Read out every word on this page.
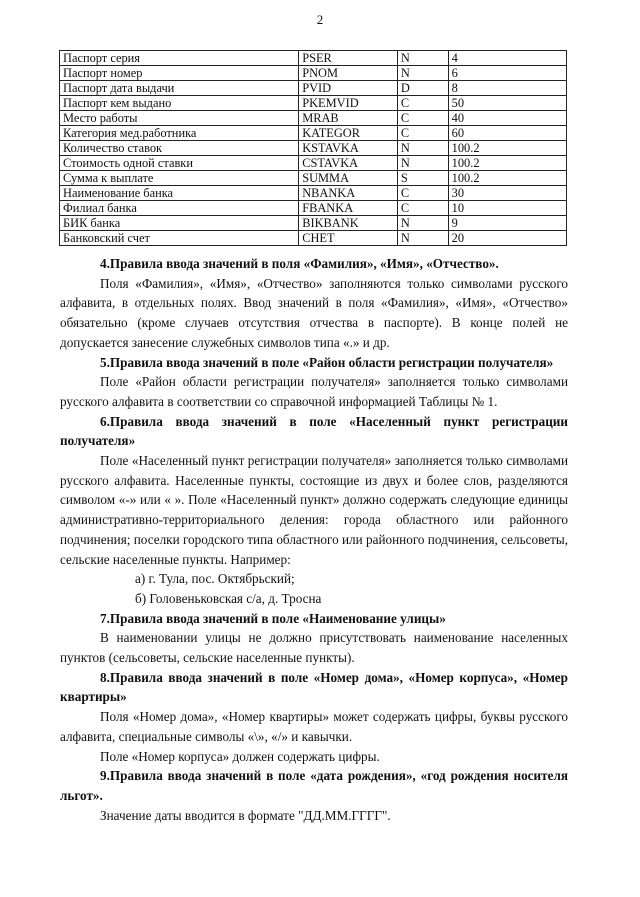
2
Паспорт серия	PSER	N	4
Паспорт номер	PNOM	N	6
Паспорт дата выдачи	PVID	D	8
Паспорт кем выдано	PKEMVID	C	50
Место работы	MRAB	C	40
Категория мед.работника	KATEGOR	C	60
Количество ставок	KSTAVKA	N	100.2
Стоимость одной ставки	CSTAVKA	N	100.2
Сумма к выплате	SUMMA	S	100.2
Наименование банка	NBANKA	C	30
Филиал банка	FBANKA	C	10
БИК банка	BIKBANK	N	9
Банковский счет	CHET	N	20

4.Правила ввода значений в поля «Фамилия», «Имя», «Отчество».

Поля «Фамилия», «Имя», «Отчество» заполняются только символами русского алфавита, в отдельных полях. Ввод значений в поля «Фамилия», «Имя», «Отчество» обязательно (кроме случаев отсутствия отчества в паспорте). В конце полей не допускается занесение служебных символов типа «.» и др.

5.Правила ввода значений в поле «Район области регистрации получателя»

Поле «Район области регистрации получателя» заполняется только символами русского алфавита в соответствии со справочной информацией Таблицы № 1.

6.Правила ввода значений в поле «Населенный пункт регистрации получателя»

Поле «Населенный пункт регистрации получателя» заполняется только символами русского алфавита. Населенные пункты, состоящие из двух и более слов, разделяются символом «-» или « ». Поле «Населенный пункт» должно содержать следующие единицы административно-территориального деления: города областного или районного подчинения; поселки городского типа областного или районного подчинения, сельсоветы, сельские населенные пункты. Например:

а) г. Тула, пос. Октябрьский;

б) Головеньковская с/а, д. Тросна

7.Правила ввода значений в поле «Наименование улицы»

В наименовании улицы не должно присутствовать наименование населенных пунктов (сельсоветы, сельские населенные пункты).

8.Правила ввода значений в поле «Номер дома», «Номер корпуса», «Номер квартиры»

Поля «Номер дома», «Номер квартиры» может содержать цифры, буквы русского алфавита, специальные символы «\», «/» и кавычки.

Поле «Номер корпуса» должен содержать цифры.

9.Правила ввода значений в поле «дата рождения», «год рождения носителя льгот».

Значение даты вводится в формате "ДД.ММ.ГГГГ".
